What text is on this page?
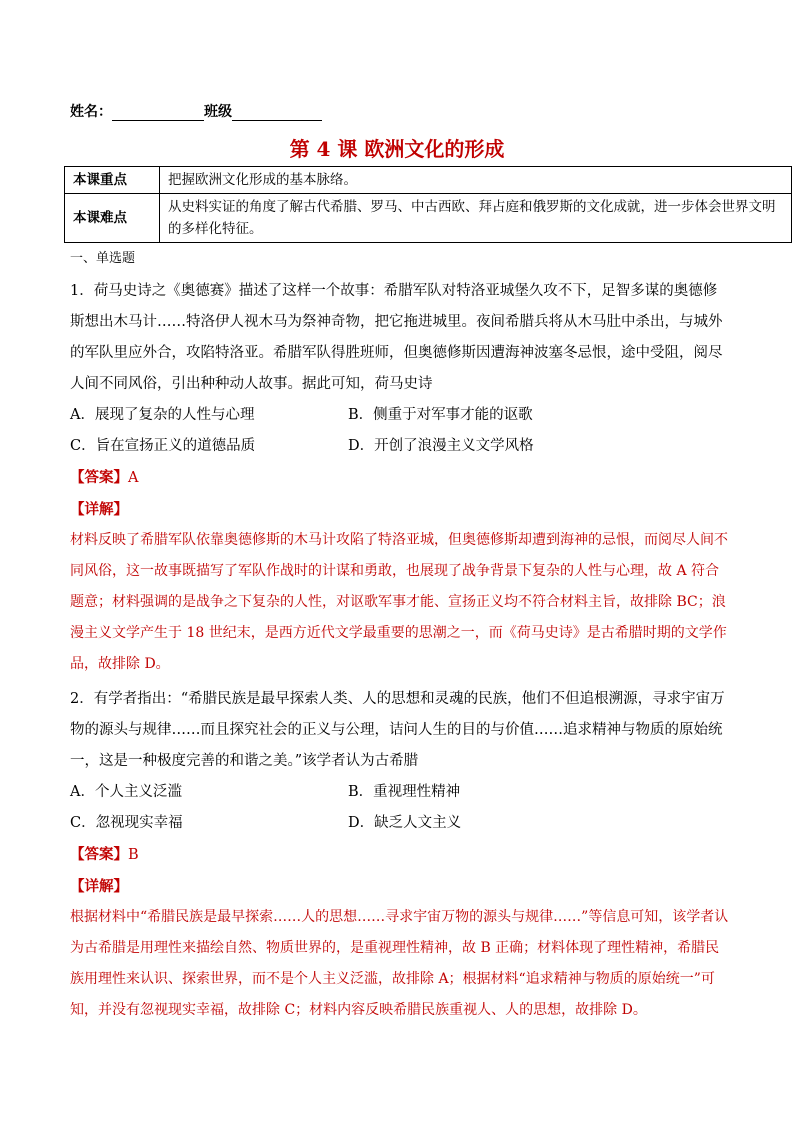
姓名：	班级
第 4 课 欧洲文化的形成
本课重点	把握欧洲文化形成的基本脉络。
本课难点	从史料实证的角度了解古代希腊、罗马、中古西欧、拜占庭和俄罗斯的文化成就，进一步体会世界文明的多样化特征。

一、单选题

1．荷马史诗之《奥德赛》描述了这样一个故事：希腊军队对特洛亚城堡久攻不下，足智多谋的奥德修斯想出木马计……特洛伊人视木马为祭神奇物，把它拖进城里。夜间希腊兵将从木马肚中杀出，与城外的军队里应外合，攻陷特洛亚。希腊军队得胜班师，但奥德修斯因遭海神波塞冬忌恨，途中受阻，阅尽人间不同风俗，引出种种动人故事。据此可知，荷马史诗

A．展现了复杂的人性与心理	B．侧重于对军事才能的讴歌
C．旨在宣扬正义的道德品质	D．开创了浪漫主义文学风格

【答案】A

【详解】

材料反映了希腊军队依靠奥德修斯的木马计攻陷了特洛亚城，但奥德修斯却遭到海神的忌恨，而阅尽人间不同风俗，这一故事既描写了军队作战时的计谋和勇敢，也展现了战争背景下复杂的人性与心理，故 A 符合题意；材料强调的是战争之下复杂的人性，对讴歌军事才能、宣扬正义均不符合材料主旨，故排除 BC；浪漫主义文学产生于 18 世纪末，是西方近代文学最重要的思潮之一，而《荷马史诗》是古希腊时期的文学作品，故排除 D。

2．有学者指出：“希腊民族是最早探索人类、人的思想和灵魂的民族，他们不但追根溯源，寻求宇宙万物的源头与规律……而且探究社会的正义与公理，诘问人生的目的与价值……追求精神与物质的原始统一，这是一种极度完善的和谐之美。”该学者认为古希腊

A．个人主义泛滥	B．重视理性精神
C．忽视现实幸福	D．缺乏人文主义

【答案】B

【详解】

根据材料中“希腊民族是最早探索……人的思想……寻求宇宙万物的源头与规律……”等信息可知，该学者认为古希腊是用理性来描绘自然、物质世界的，是重视理性精神，故 B 正确；材料体现了理性精神，希腊民族用理性来认识、探索世界，而不是个人主义泛滥，故排除 A；根据材料“追求精神与物质的原始统一”可知，并没有忽视现实幸福，故排除 C；材料内容反映希腊民族重视人、人的思想，故排除 D。
